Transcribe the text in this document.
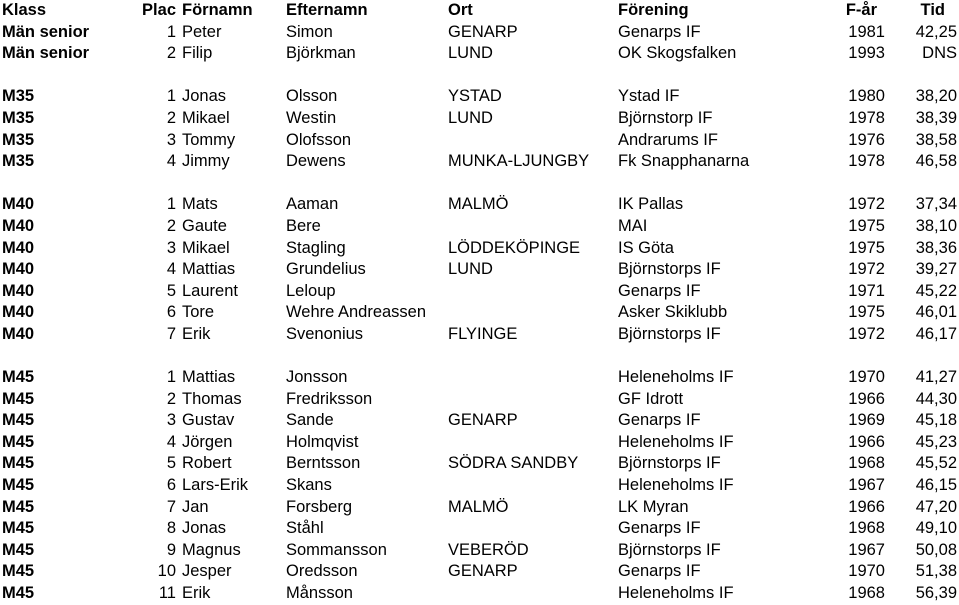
Klass	Plac	Förnamn	Efternamn	Ort	Förening	F-år	Tid
Män senior	1	Peter	Simon	GENARP	Genarps IF	1981	42,25
Män senior	2	Filip	Björkman	LUND	OK Skogsfalken	1993	DNS

M35	1	Jonas	Olsson	YSTAD	Ystad IF	1980	38,20
M35	2	Mikael	Westin	LUND	Björnstorp IF	1978	38,39
M35	3	Tommy	Olofsson		Andrarums IF	1976	38,58
M35	4	Jimmy	Dewens	MUNKA-LJUNGBY	Fk Snapphanarna	1978	46,58

M40	1	Mats	Aaman	MALMÖ	IK Pallas	1972	37,34
M40	2	Gaute	Bere		MAI	1975	38,10
M40	3	Mikael	Stagling	LÖDDEKÖPINGE	IS Göta	1975	38,36
M40	4	Mattias	Grundelius	LUND	Björnstorps IF	1972	39,27
M40	5	Laurent	Leloup		Genarps IF	1971	45,22
M40	6	Tore	Wehre Andreassen		Asker Skiklubb	1975	46,01
M40	7	Erik	Svenonius	FLYINGE	Björnstorps IF	1972	46,17

M45	1	Mattias	Jonsson		Heleneholms IF	1970	41,27
M45	2	Thomas	Fredriksson		GF Idrott	1966	44,30
M45	3	Gustav	Sande	GENARP	Genarps IF	1969	45,18
M45	4	Jörgen	Holmqvist		Heleneholms IF	1966	45,23
M45	5	Robert	Berntsson	SÖDRA SANDBY	Björnstorps IF	1968	45,52
M45	6	Lars-Erik	Skans		Heleneholms IF	1967	46,15
M45	7	Jan	Forsberg	MALMÖ	LK Myran	1966	47,20
M45	8	Jonas	Ståhl		Genarps IF	1968	49,10
M45	9	Magnus	Sommansson	VEBERÖD	Björnstorps IF	1967	50,08
M45	10	Jesper	Oredsson	GENARP	Genarps IF	1970	51,38
M45	11	Erik	Månsson		Heleneholms IF	1968	56,39
